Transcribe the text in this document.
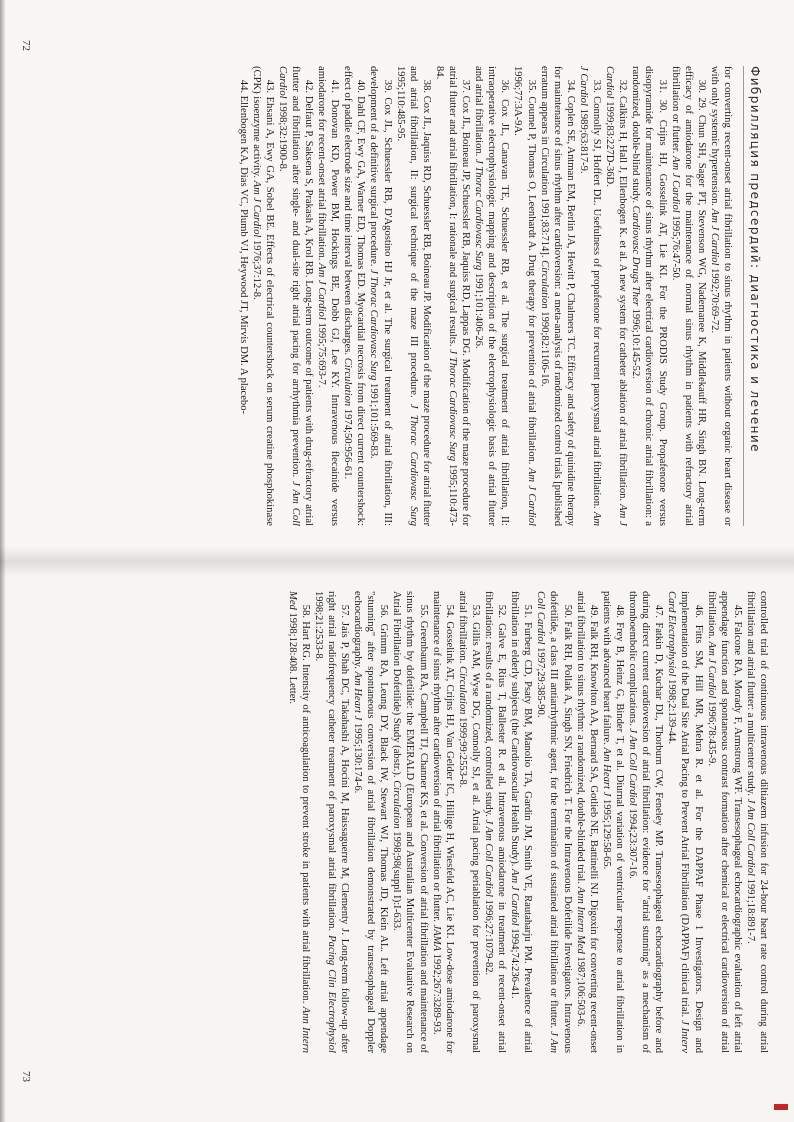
Фибрилляция предсердий: диагностика и лечение

for converting recent-onset atrial fibrillation to sinus rhythm in patients without organic heart disease or with only systemic hypertension. Am J Cardiol 1992;70:69-72.

30. 29. Chun SH, Sager PT, Stevenson WG, Nademanee K, Middlekauff HR, Singh BN. Long-term efficacy of amiodarone for the maintenance of normal sinus rhythm in patients with refractory atrial fibrillation or flutter. Am J Cardiol 1995;76:47-50.

31. 30. Crijns HJ, Gosselink AT, Lie KI. For the PRODIS Study Group. Propafenone versus disopyramide for maintenance of sinus rhythm after electrical cardioversion of chronic atrial fibrillation: a randomized, double-blind study. Cardiovasc Drugs Ther 1996;10:145-52.

32. Calkins H, Hall J, Ellenbogen K. et al. A new system for catheter ablation of atrial fibrillation. Am J Cardiol 1999;83:227D-36D.

33. Connolly SJ, Hoffert DL. Usefulness of propafenone for recurrent paroxysmal atrial fibrillation. Am J Cardiol 1989;63:817-9.

34. Coplen SE, Antman EM, Berlin JA, Hewitt P, Chalmers TC. Efficacy and safety of quinidine therapy for maintenance of sinus rhythm after cardioversion: a meta-analysis of randomized control trials [published erratum appears in Circulation 1991;83:714]. Circulation 1990;82:1106-16.

35. Coumel P, Thomas O, Leenhardt A. Drug therapy for prevention of atrial fibrillation. Am J Cardiol 1996;77:3A-9A.

36. Cox JL, Canavan TE, Schuessler RB, et al. The surgical treatment of atrial fibrillation, II: intraoperative electrophysiologic mapping and description of the electrophysiologic basis of atrial flutter and atrial fibrillation. J Thorac Cardiovasc Surg 1991;101:406-26.

37. Cox JL, Boineau JP, Schuessler RB, Jaquiss RD, Lappas DG. Modification of the maze procedure for atrial flutter and atrial fibrillation, I: rationale and surgical results. J Thorac Cardiovasc Surg 1995;110:473-84.

38. Cox JL, Jaquiss RD, Schuessler RB, Boineau JP. Modification of the maze procedure for atrial flutter and atrial fibrillation, II: surgical technique of the maze III procedure. J Thorac Cardiovasc Surg 1995;110:485-95.

39. Cox JL, Schuessler RB, D'Agostino HJ Jr, et al. The surgical treatment of atrial fibrillation, III: development of a definitive surgical procedure. J Thorac Cardiovasc Surg 1991;101:569-83.

40. Dahl CF, Ewy GA, Warner ED, Thomas ED. Myocardial necrosis from direct current countershock: effect of paddle electrode size and time interval between discharges. Circulation 1974;50:956-61.

41. Donovan KD, Power BM, Hockings BE, Dobb GJ, Lee KY. Intravenous flecainide versus amiodarone for recent-onset atrial fibrillation. Am J Cardiol 1995;75:693-7.

42. Delfaut P, Saksena S, Prakash A, Krol RB. Long-term outcome of patients with drug-refractory atrial flutter and fibrillation after single- and dual-site right atrial pacing for arrhythmia prevention. J Am Coll Cardiol 1998;32:1900-8.

43. Ehsani A, Ewy GA, Sobel BE. Effects of electrical countershock on serum creatine phosphokinase (CPK) isoenzyme activity. Am J Cardiol 1976;37:12-8.

44. Ellenbogen KA, Dias VC, Plumb VJ, Heywood JT, Mirvis DM. A placebo-

72

controlled trial of continuous intravenous diltiazem infusion for 24-hour heart rate control during atrial fibrillation and atrial flutter: a multicenter study. J Am Coll Cardiol 1991;18:891-7.

45. Falcone RA, Morady F, Armstrong WF. Transesophageal echocardiographic evaluation of left atrial appendage function and spontaneous contrast formation after chemical or electrical cardioversion of atrial fibrillation. Am J Cardiol 1996;78:435-9.

46. Fitts SM, Hill MR, Mehra R. et al. For the DAPPAF Phase 1 Investigators. Design and implementation of the Dual Site Atrial Pacing to Prevent Atrial Fibrillation (DAPPAF) clinical trial. J Interv Card Electrophysiol 1998;2:139-44.

47. Fatkin D, Kuchar DL, Thorburn CW, Feneley MP. Transesophageal echocardiography before and during direct current cardioversion of atrial fibrillation: evidence for "atrial stunning" as a mechanism of thromboembolic complications. J Am Coll Cardiol 1994;23:307-16.

48. Frey B, Heinz G, Binder T, et al. Diurnal variation of ventricular response to atrial fibrillation in patients with advanced heart failure. Am Heart J 1995;129:58-65.

49. Falk RH, Knowlton AA, Bernard SA, Gotlieb NE, Battinelli NJ. Digoxin for converting recent-onset atrial fibrillation to sinus rhythm: a randomized, double-blinded trial. Ann Intern Med 1987;106:503-6.

50. Falk RH, Pollak A, Singh SN, Friedrich T. For the Intravenous Dofetilide Investigators. Intravenous dofetilide, a class III antiarrhythmic agent, for the termination of sustained atrial fibrillation or flutter. J Am Coll Cardiol 1997;29:385-90.

51. Furberg CD, Psaty BM, Manolio TA, Gardin JM, Smith VE, Rautaharju PM. Prevalence of atrial fibrillation in elderly subjects (the Cardiovascular Health Study). Am J Cardiol 1994;74:236-41.

52. Galve E, Rius T, Ballester R. et al. Intravenous amiodarone in treatment of recent-onset atrial fibrillation: results of a randomized, controlled study. J Am Coll Cardiol 1996;27:1079-82.

53. Gillis AM, Wyse DG, Connolly SJ, et al. Atrial pacing periablation for prevention of paroxysmal atrial fibrillation. Circulation 1999;99:2553-8.

54. Gosselink AT, Crijns HJ, Van Gelder IC, Hillige H, Wiesfeld AC, Lie KI. Low-dose amiodarone for maintenance of sinus rhythm after cardioversion of atrial fibrillation or flutter. JAMA 1992;267:3289-93.

55. Greenbaum RA, Campbell TJ, Channer KS, et al. Conversion of atrial fibrillation and maintenance of sinus rhythm by dofetilide: the EMERALD (European and Australian Multicenter Evaluative Research on Atrial Fibrillation Dofetilide) Study (abstr.). Circulation 1998;98(suppl I):I-633.

56. Grimm RA, Leung DY, Black IW, Stewart WJ, Thomas JD, Klein AL. Left atrial appendage "stunning" after spontaneous conversion of atrial fibrillation demonstrated by transesophageal Doppler echocardiography. Am Heart J 1995;130:174-6.

57. Jais P, Shah DC, Takahashi A, Hocini M, Haissaguerre M, Clementy J. Long-term follow-up after right atrial radiofrequency catheter treatment of paroxysmal atrial fibrillation. Pacing Clin Electrophysiol 1998;21:2533-8.

58. Hart RG. Intensity of anticoagulation to prevent stroke in patients with atrial fibrillation. Ann Intern Med 1998;128:408. Letter.

73
